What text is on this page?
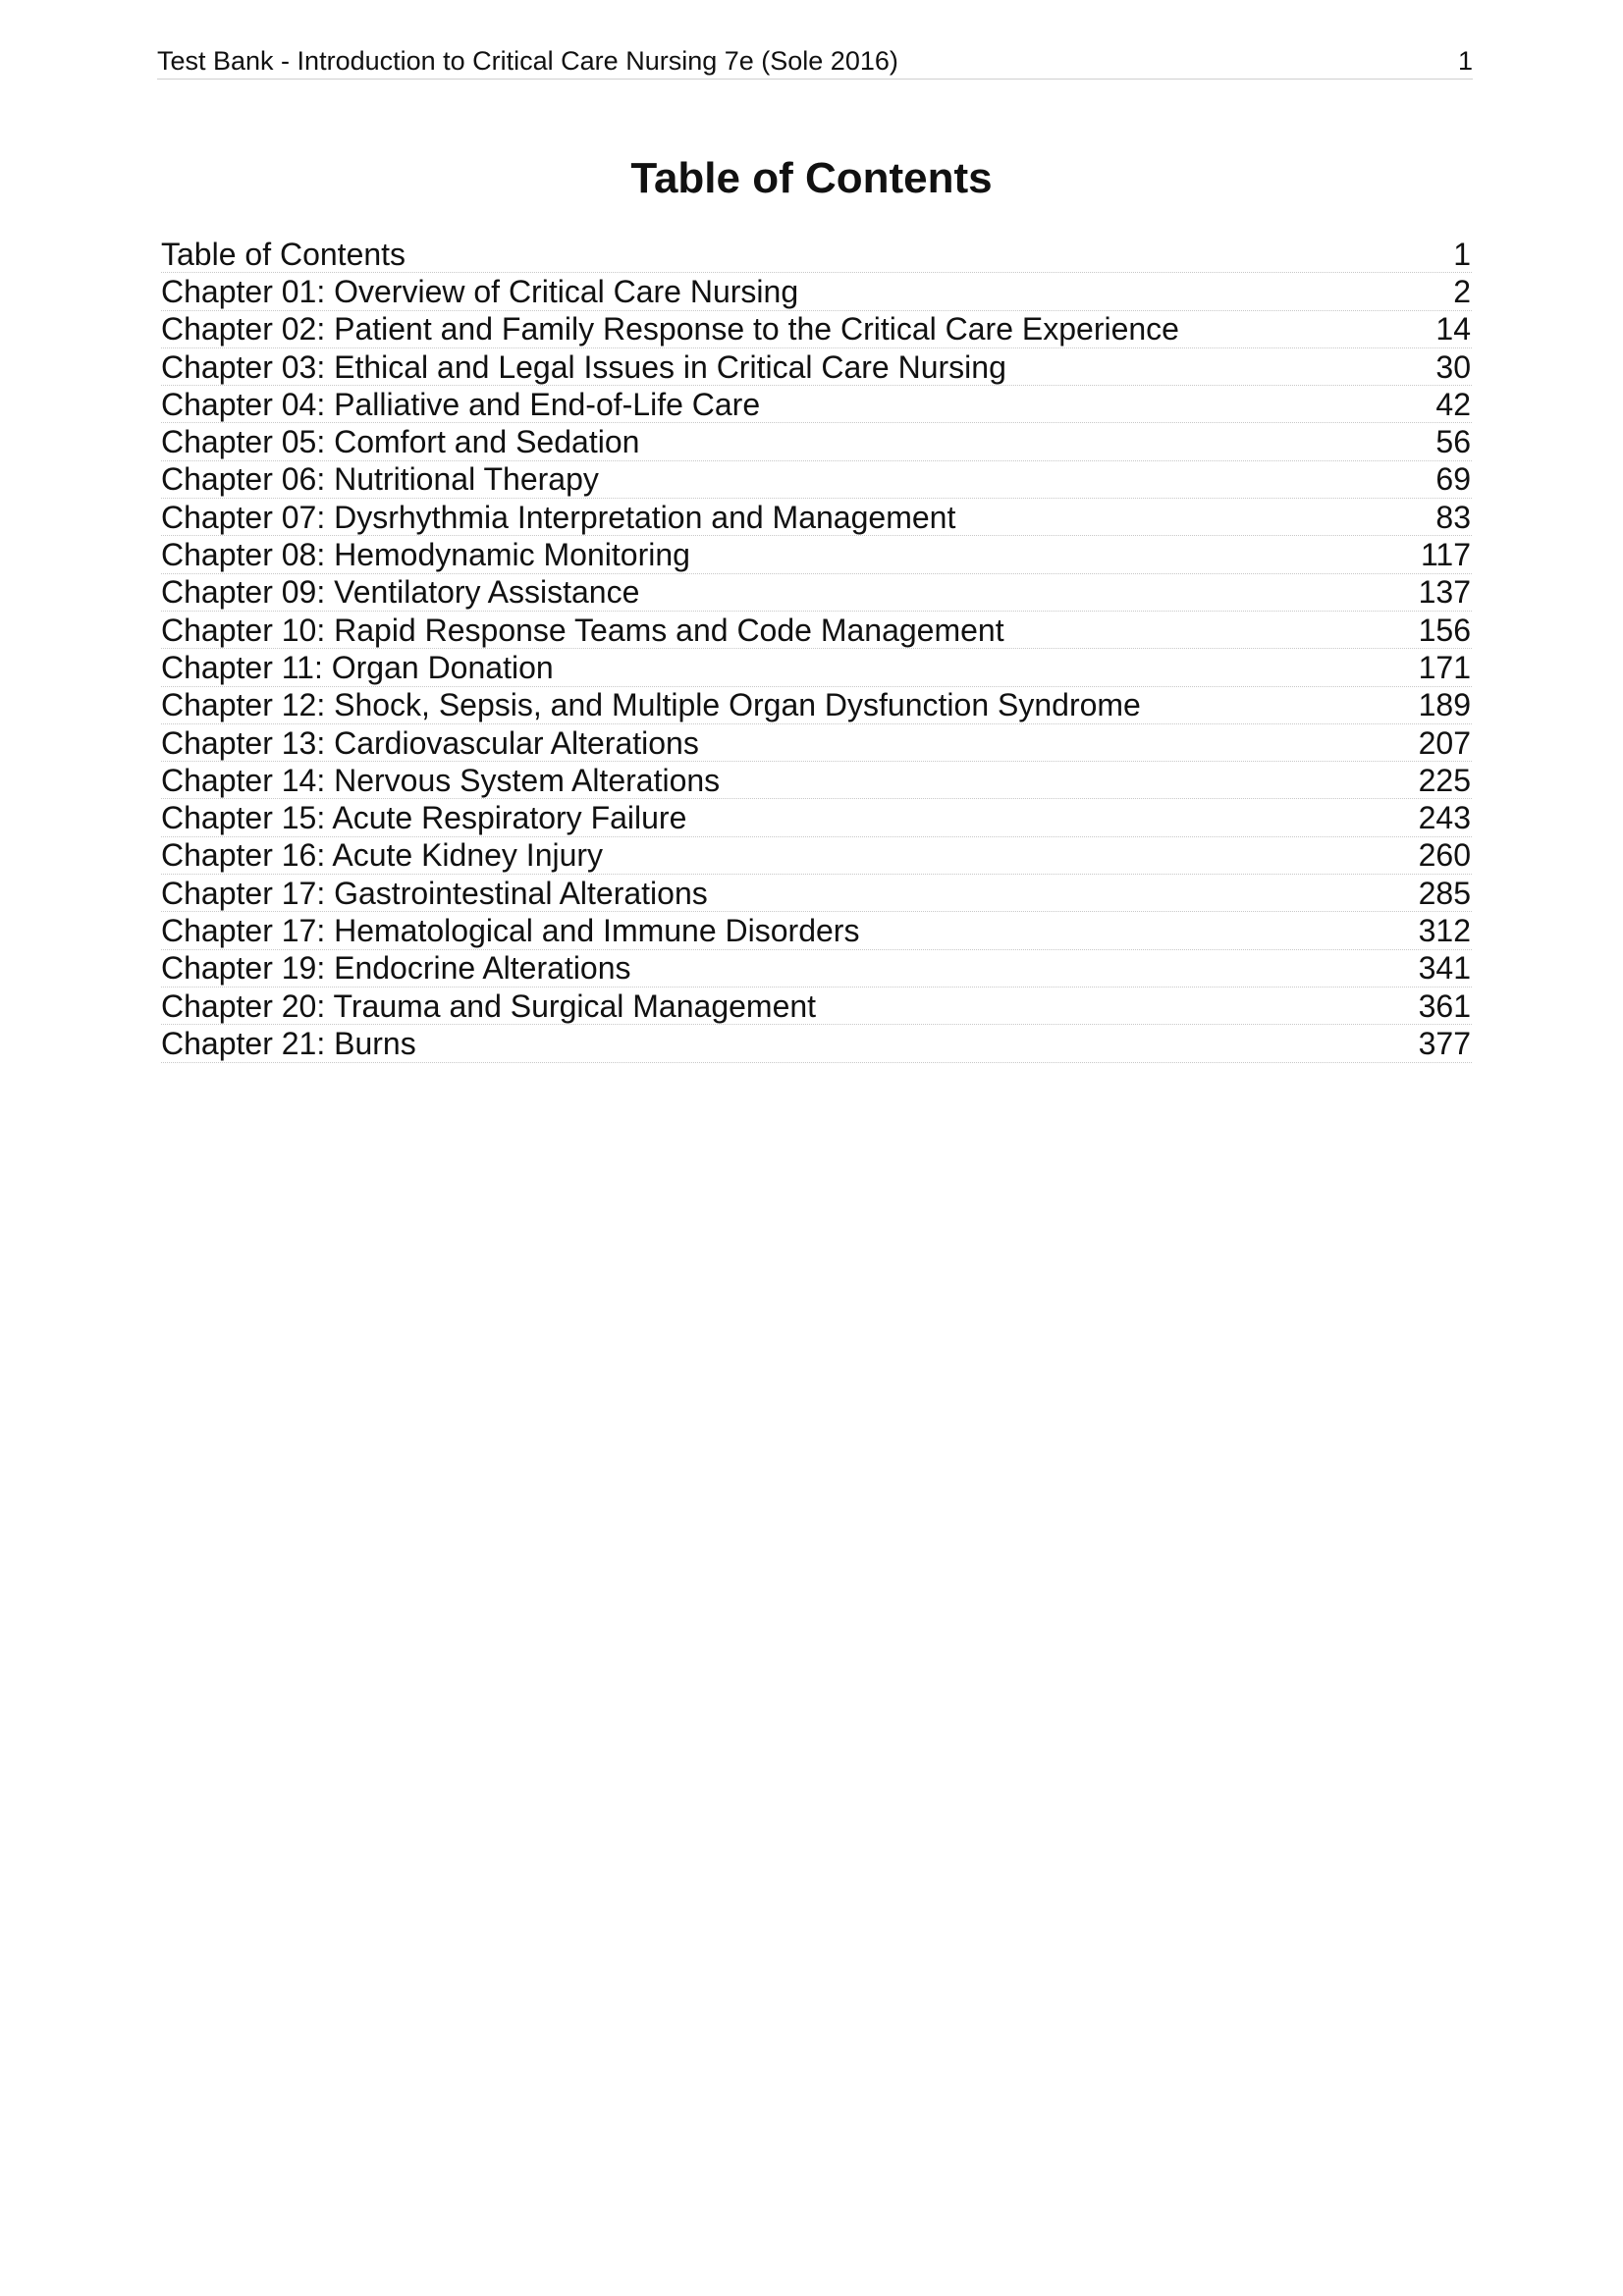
Test Bank - Introduction to Critical Care Nursing 7e (Sole 2016)	1
Table of Contents
Table of Contents	1
Chapter 01: Overview of Critical Care Nursing	2
Chapter 02: Patient and Family Response to the Critical Care Experience	14
Chapter 03: Ethical and Legal Issues in Critical Care Nursing	30
Chapter 04: Palliative and End-of-Life Care	42
Chapter 05: Comfort and Sedation	56
Chapter 06: Nutritional Therapy	69
Chapter 07: Dysrhythmia Interpretation and Management	83
Chapter 08: Hemodynamic Monitoring	117
Chapter 09: Ventilatory Assistance	137
Chapter 10: Rapid Response Teams and Code Management	156
Chapter 11: Organ Donation	171
Chapter 12: Shock, Sepsis, and Multiple Organ Dysfunction Syndrome	189
Chapter 13: Cardiovascular Alterations	207
Chapter 14: Nervous System Alterations	225
Chapter 15: Acute Respiratory Failure	243
Chapter 16: Acute Kidney Injury	260
Chapter 17: Gastrointestinal Alterations	285
Chapter 17: Hematological and Immune Disorders	312
Chapter 19: Endocrine Alterations	341
Chapter 20: Trauma and Surgical Management	361
Chapter 21: Burns	377
